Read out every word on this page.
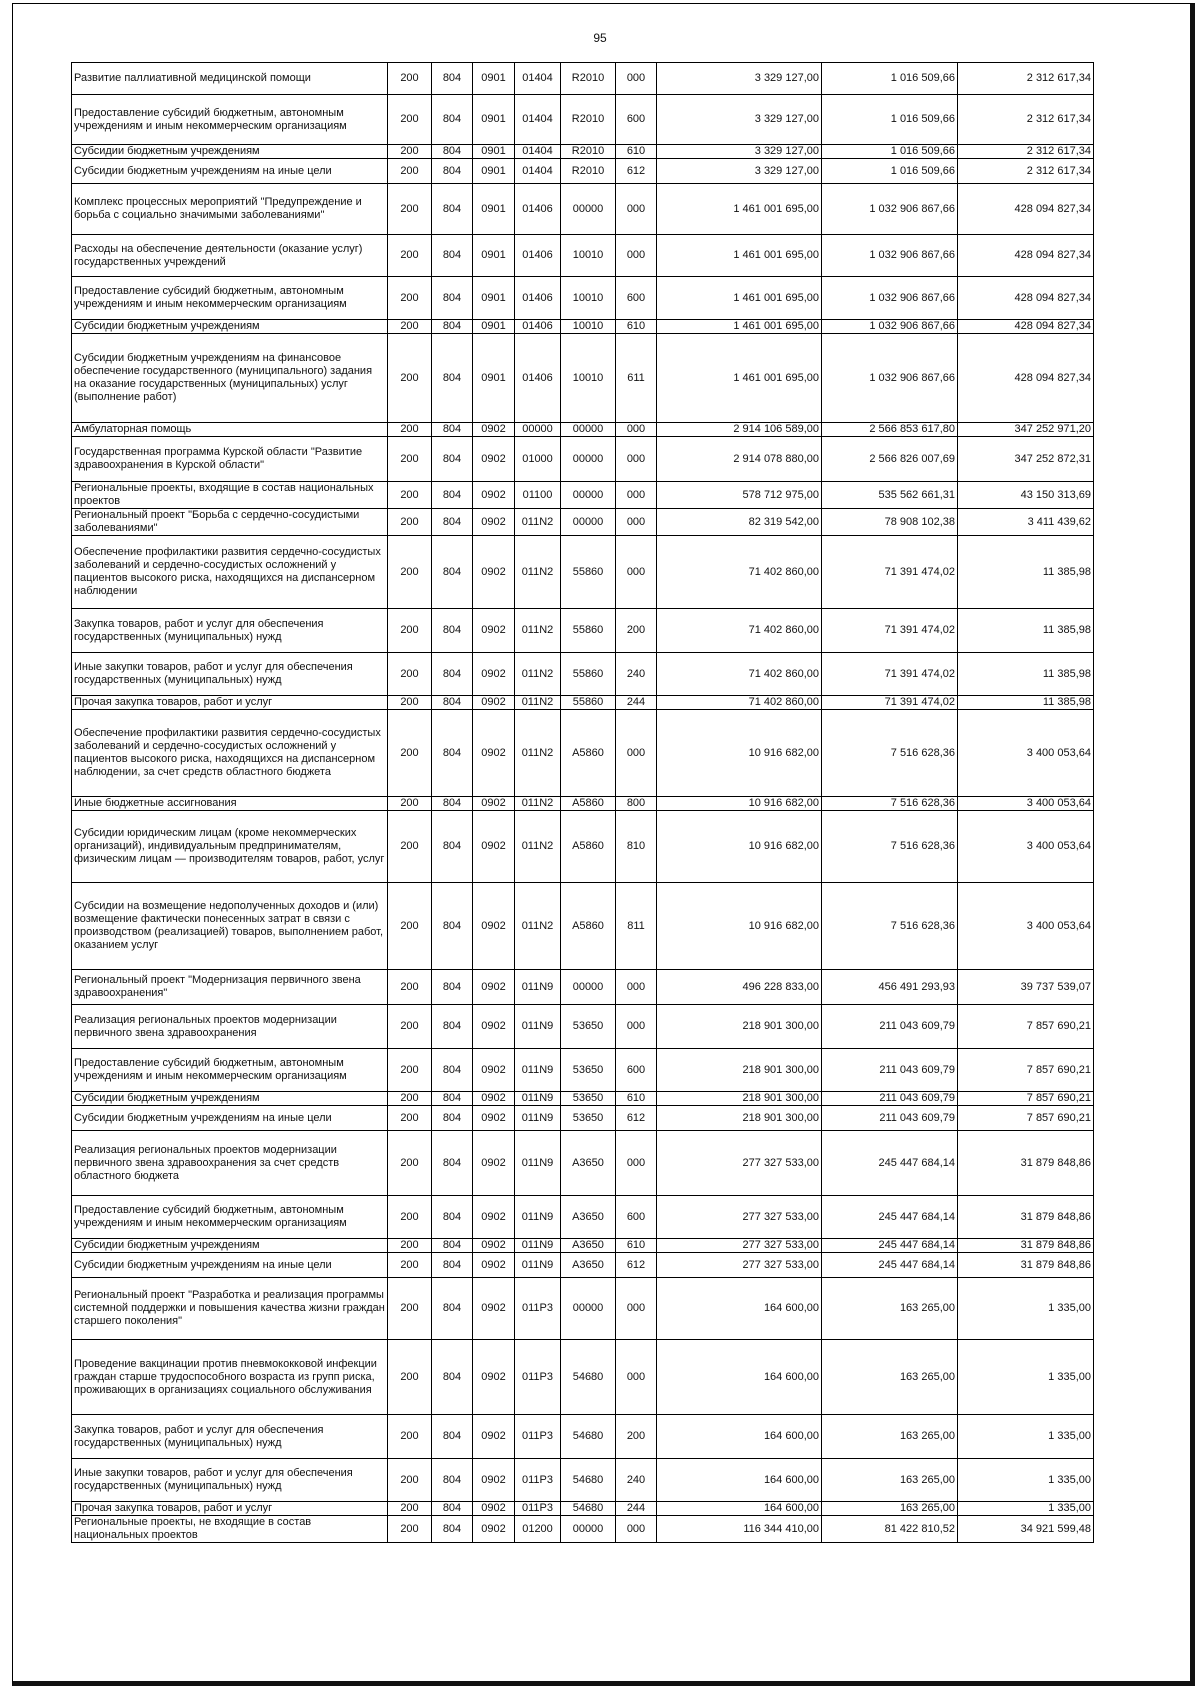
95
Развитие паллиативной медицинской помощи	200	804	0901	01404	R2010	000	3 329 127,00	1 016 509,66	2 312 617,34
Предоставление субсидий бюджетным, автономным учреждениям и иным некоммерческим организациям	200	804	0901	01404	R2010	600	3 329 127,00	1 016 509,66	2 312 617,34
Субсидии бюджетным учреждениям	200	804	0901	01404	R2010	610	3 329 127,00	1 016 509,66	2 312 617,34
Субсидии бюджетным учреждениям на иные цели	200	804	0901	01404	R2010	612	3 329 127,00	1 016 509,66	2 312 617,34
Комплекс процессных мероприятий "Предупреждение и борьба с социально значимыми заболеваниями"	200	804	0901	01406	00000	000	1 461 001 695,00	1 032 906 867,66	428 094 827,34
Расходы на обеспечение деятельности (оказание услуг) государственных учреждений	200	804	0901	01406	10010	000	1 461 001 695,00	1 032 906 867,66	428 094 827,34
Предоставление субсидий бюджетным, автономным учреждениям и иным некоммерческим организациям	200	804	0901	01406	10010	600	1 461 001 695,00	1 032 906 867,66	428 094 827,34
Субсидии бюджетным учреждениям	200	804	0901	01406	10010	610	1 461 001 695,00	1 032 906 867,66	428 094 827,34
Субсидии бюджетным учреждениям на финансовое обеспечение государственного (муниципального) задания на оказание государственных (муниципальных) услуг (выполнение работ)	200	804	0901	01406	10010	611	1 461 001 695,00	1 032 906 867,66	428 094 827,34
Амбулаторная помощь	200	804	0902	00000	00000	000	2 914 106 589,00	2 566 853 617,80	347 252 971,20
Государственная программа Курской области "Развитие здравоохранения в Курской области"	200	804	0902	01000	00000	000	2 914 078 880,00	2 566 826 007,69	347 252 872,31
Региональные проекты, входящие в состав национальных проектов	200	804	0902	01100	00000	000	578 712 975,00	535 562 661,31	43 150 313,69
Региональный проект "Борьба с сердечно-сосудистыми заболеваниями"	200	804	0902	011N2	00000	000	82 319 542,00	78 908 102,38	3 411 439,62
Обеспечение профилактики развития сердечно-сосудистых заболеваний и сердечно-сосудистых осложнений у пациентов высокого риска, находящихся на диспансерном наблюдении	200	804	0902	011N2	55860	000	71 402 860,00	71 391 474,02	11 385,98
Закупка товаров, работ и услуг для обеспечения государственных (муниципальных) нужд	200	804	0902	011N2	55860	200	71 402 860,00	71 391 474,02	11 385,98
Иные закупки товаров, работ и услуг для обеспечения государственных (муниципальных) нужд	200	804	0902	011N2	55860	240	71 402 860,00	71 391 474,02	11 385,98
Прочая закупка товаров, работ и услуг	200	804	0902	011N2	55860	244	71 402 860,00	71 391 474,02	11 385,98
Обеспечение профилактики развития сердечно-сосудистых заболеваний и сердечно-сосудистых осложнений у пациентов высокого риска, находящихся на диспансерном наблюдении, за счет средств областного бюджета	200	804	0902	011N2	А5860	000	10 916 682,00	7 516 628,36	3 400 053,64
Иные бюджетные ассигнования	200	804	0902	011N2	А5860	800	10 916 682,00	7 516 628,36	3 400 053,64
Субсидии юридическим лицам (кроме некоммерческих организаций), индивидуальным предпринимателям, физическим лицам — производителям товаров, работ, услуг	200	804	0902	011N2	А5860	810	10 916 682,00	7 516 628,36	3 400 053,64
Субсидии на возмещение недополученных доходов и (или) возмещение фактически понесенных затрат в связи с производством (реализацией) товаров, выполнением работ, оказанием услуг	200	804	0902	011N2	А5860	811	10 916 682,00	7 516 628,36	3 400 053,64
Региональный проект "Модернизация первичного звена здравоохранения"	200	804	0902	011N9	00000	000	496 228 833,00	456 491 293,93	39 737 539,07
Реализация региональных проектов модернизации первичного звена здравоохранения	200	804	0902	011N9	53650	000	218 901 300,00	211 043 609,79	7 857 690,21
Предоставление субсидий бюджетным, автономным учреждениям и иным некоммерческим организациям	200	804	0902	011N9	53650	600	218 901 300,00	211 043 609,79	7 857 690,21
Субсидии бюджетным учреждениям	200	804	0902	011N9	53650	610	218 901 300,00	211 043 609,79	7 857 690,21
Субсидии бюджетным учреждениям на иные цели	200	804	0902	011N9	53650	612	218 901 300,00	211 043 609,79	7 857 690,21
Реализация региональных проектов модернизации первичного звена здравоохранения за счет средств областного бюджета	200	804	0902	011N9	А3650	000	277 327 533,00	245 447 684,14	31 879 848,86
Предоставление субсидий бюджетным, автономным учреждениям и иным некоммерческим организациям	200	804	0902	011N9	А3650	600	277 327 533,00	245 447 684,14	31 879 848,86
Субсидии бюджетным учреждениям	200	804	0902	011N9	А3650	610	277 327 533,00	245 447 684,14	31 879 848,86
Субсидии бюджетным учреждениям на иные цели	200	804	0902	011N9	А3650	612	277 327 533,00	245 447 684,14	31 879 848,86
Региональный проект "Разработка и реализация программы системной поддержки и повышения качества жизни граждан старшего поколения"	200	804	0902	011P3	00000	000	164 600,00	163 265,00	1 335,00
Проведение вакцинации против пневмококковой инфекции граждан старше трудоспособного возраста из групп риска, проживающих в организациях социального обслуживания	200	804	0902	011P3	54680	000	164 600,00	163 265,00	1 335,00
Закупка товаров, работ и услуг для обеспечения государственных (муниципальных) нужд	200	804	0902	011P3	54680	200	164 600,00	163 265,00	1 335,00
Иные закупки товаров, работ и услуг для обеспечения государственных (муниципальных) нужд	200	804	0902	011P3	54680	240	164 600,00	163 265,00	1 335,00
Прочая закупка товаров, работ и услуг	200	804	0902	011P3	54680	244	164 600,00	163 265,00	1 335,00
Региональные проекты, не входящие в состав национальных проектов	200	804	0902	01200	00000	000	116 344 410,00	81 422 810,52	34 921 599,48
